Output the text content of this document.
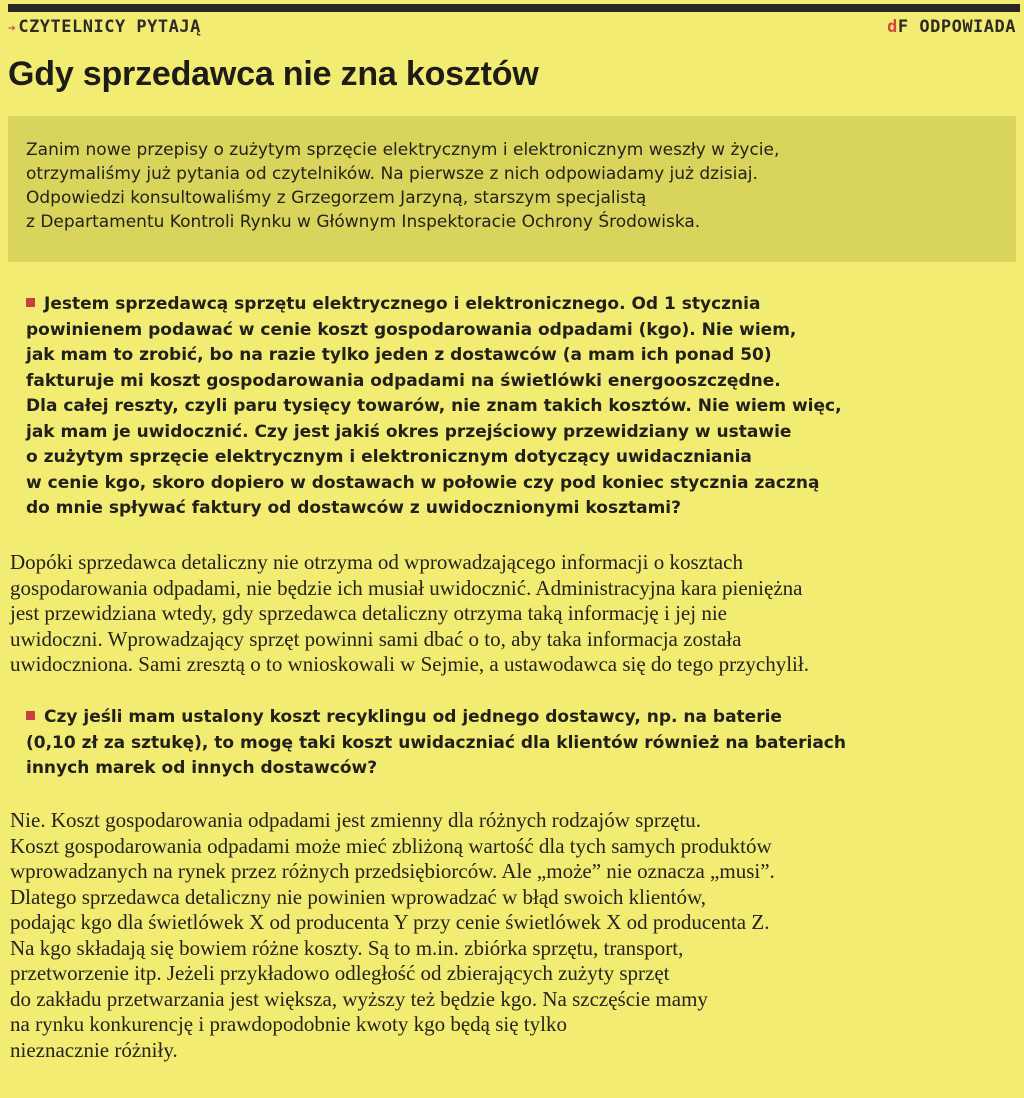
➔ CZYTELNICY PYTAJĄ	dF ODPOWIADA
Gdy sprzedawca nie zna kosztów

Zanim nowe przepisy o zużytym sprzęcie elektrycznym i elektronicznym weszły w życie,
otrzymaliśmy już pytania od czytelników. Na pierwsze z nich odpowiadamy już dzisiaj.
Odpowiedzi konsultowaliśmy z Grzegorzem Jarzyną, starszym specjalistą
z Departamentu Kontroli Rynku w Głównym Inspektoracie Ochrony Środowiska.

Jestem sprzedawcą sprzętu elektrycznego i elektronicznego. Od 1 stycznia
powinienem podawać w cenie koszt gospodarowania odpadami (kgo). Nie wiem,
jak mam to zrobić, bo na razie tylko jeden z dostawców (a mam ich ponad 50)
fakturuje mi koszt gospodarowania odpadami na świetlówki energooszczędne.
Dla całej reszty, czyli paru tysięcy towarów, nie znam takich kosztów. Nie wiem więc,
jak mam je uwidocznić. Czy jest jakiś okres przejściowy przewidziany w ustawie
o zużytym sprzęcie elektrycznym i elektronicznym dotyczący uwidaczniania
w cenie kgo, skoro dopiero w dostawach w połowie czy pod koniec stycznia zaczną
do mnie spływać faktury od dostawców z uwidocznionymi kosztami?

Dopóki sprzedawca detaliczny nie otrzyma od wprowadzającego informacji o kosztach
gospodarowania odpadami, nie będzie ich musiał uwidocznić. Administracyjna kara pieniężna
jest przewidziana wtedy, gdy sprzedawca detaliczny otrzyma taką informację i jej nie
uwidoczni. Wprowadzający sprzęt powinni sami dbać o to, aby taka informacja została
uwidoczniona. Sami zresztą o to wnioskowali w Sejmie, a ustawodawca się do tego przychylił.

Czy jeśli mam ustalony koszt recyklingu od jednego dostawcy, np. na baterie
(0,10 zł za sztukę), to mogę taki koszt uwidaczniać dla klientów również na bateriach
innych marek od innych dostawców?

Nie. Koszt gospodarowania odpadami jest zmienny dla różnych rodzajów sprzętu.
Koszt gospodarowania odpadami może mieć zbliżoną wartość dla tych samych produktów
wprowadzanych na rynek przez różnych przedsiębiorców. Ale „może” nie oznacza „musi”.
Dlatego sprzedawca detaliczny nie powinien wprowadzać w błąd swoich klientów,
podając kgo dla świetlówek X od producenta Y przy cenie świetlówek X od producenta Z.
Na kgo składają się bowiem różne koszty. Są to m.in. zbiórka sprzętu, transport,
przetworzenie itp. Jeżeli przykładowo odległość od zbierających zużyty sprzęt
do zakładu przetwarzania jest większa, wyższy też będzie kgo. Na szczęście mamy
na rynku konkurencję i prawdopodobnie kwoty kgo będą się tylko
nieznacznie różniły.
